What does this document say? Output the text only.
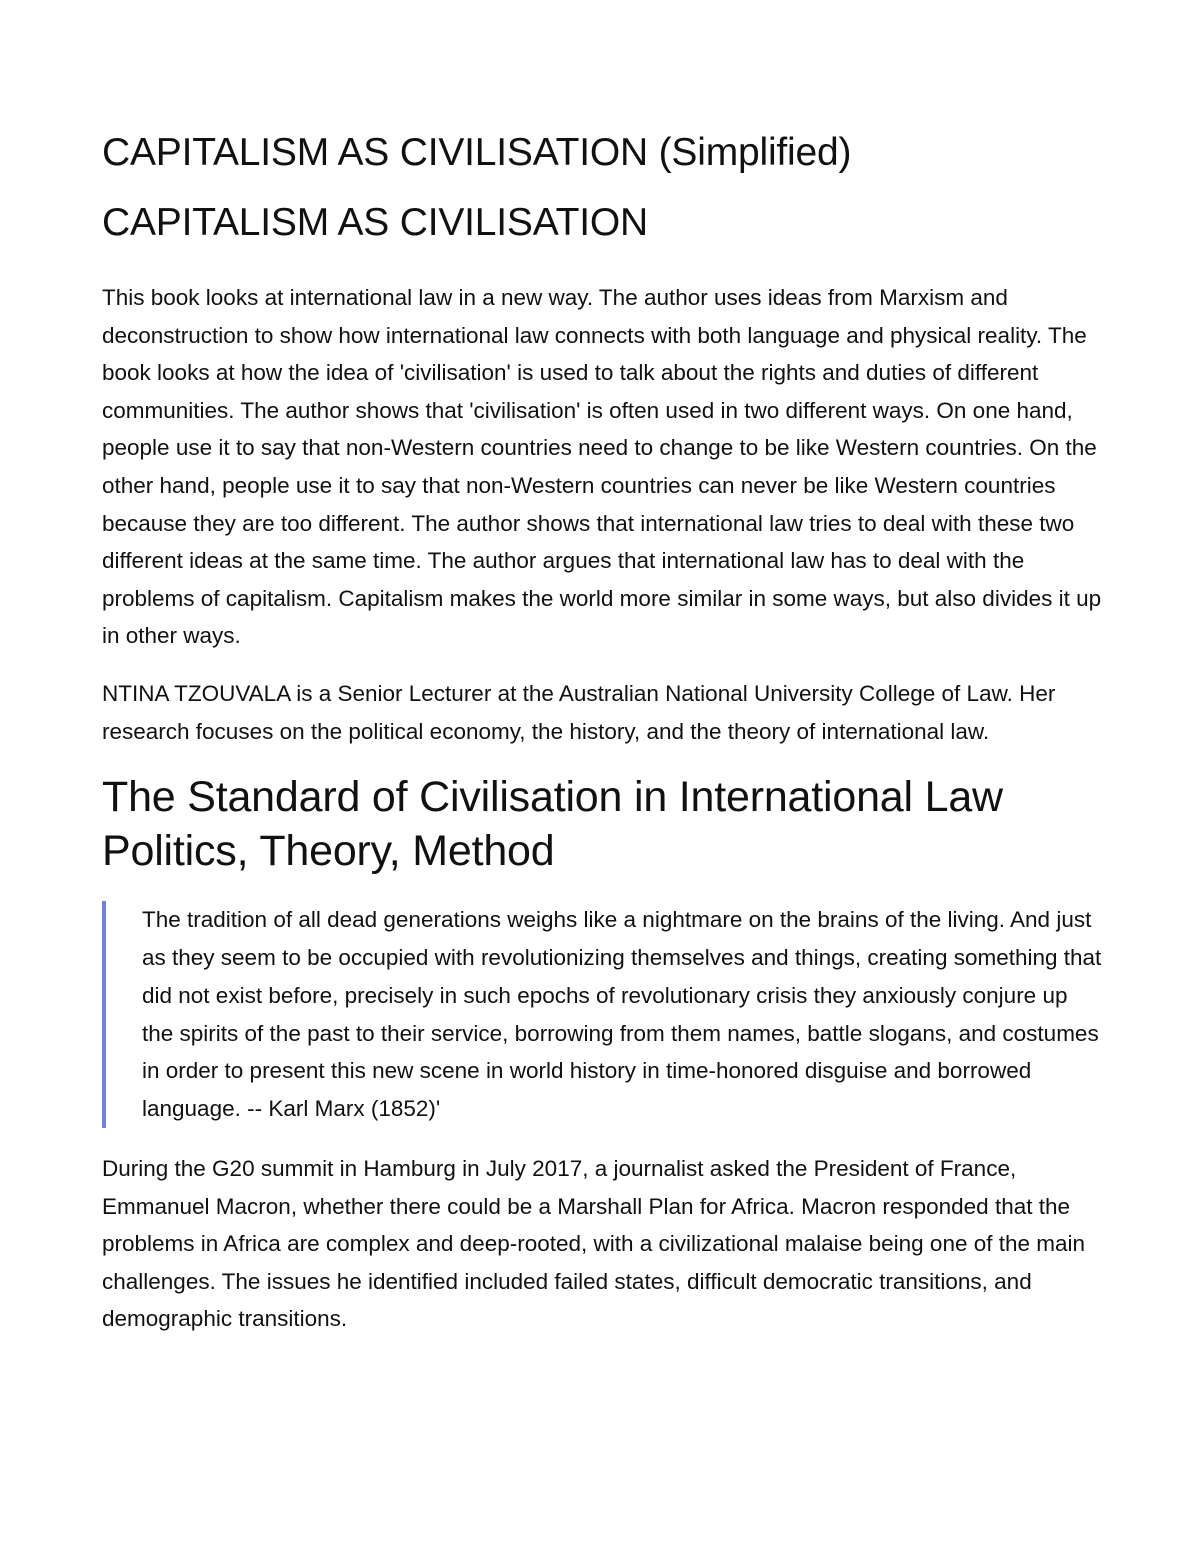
CAPITALISM AS CIVILISATION (Simplified)
CAPITALISM AS CIVILISATION

This book looks at international law in a new way. The author uses ideas from Marxism and deconstruction to show how international law connects with both language and physical reality. The book looks at how the idea of 'civilisation' is used to talk about the rights and duties of different communities. The author shows that 'civilisation' is often used in two different ways. On one hand, people use it to say that non-Western countries need to change to be like Western countries. On the other hand, people use it to say that non-Western countries can never be like Western countries because they are too different. The author shows that international law tries to deal with these two different ideas at the same time. The author argues that international law has to deal with the problems of capitalism. Capitalism makes the world more similar in some ways, but also divides it up in other ways.

NTINA TZOUVALA is a Senior Lecturer at the Australian National University College of Law. Her research focuses on the political economy, the history, and the theory of international law.

The Standard of Civilisation in International Law Politics, Theory, Method
The tradition of all dead generations weighs like a nightmare on the brains of the living. And just as they seem to be occupied with revolutionizing themselves and things, creating something that did not exist before, precisely in such epochs of revolutionary crisis they anxiously conjure up the spirits of the past to their service, borrowing from them names, battle slogans, and costumes in order to present this new scene in world history in time-honored disguise and borrowed language. -- Karl Marx (1852)'

During the G20 summit in Hamburg in July 2017, a journalist asked the President of France, Emmanuel Macron, whether there could be a Marshall Plan for Africa. Macron responded that the problems in Africa are complex and deep-rooted, with a civilizational malaise being one of the main challenges. The issues he identified included failed states, difficult democratic transitions, and demographic transitions.
